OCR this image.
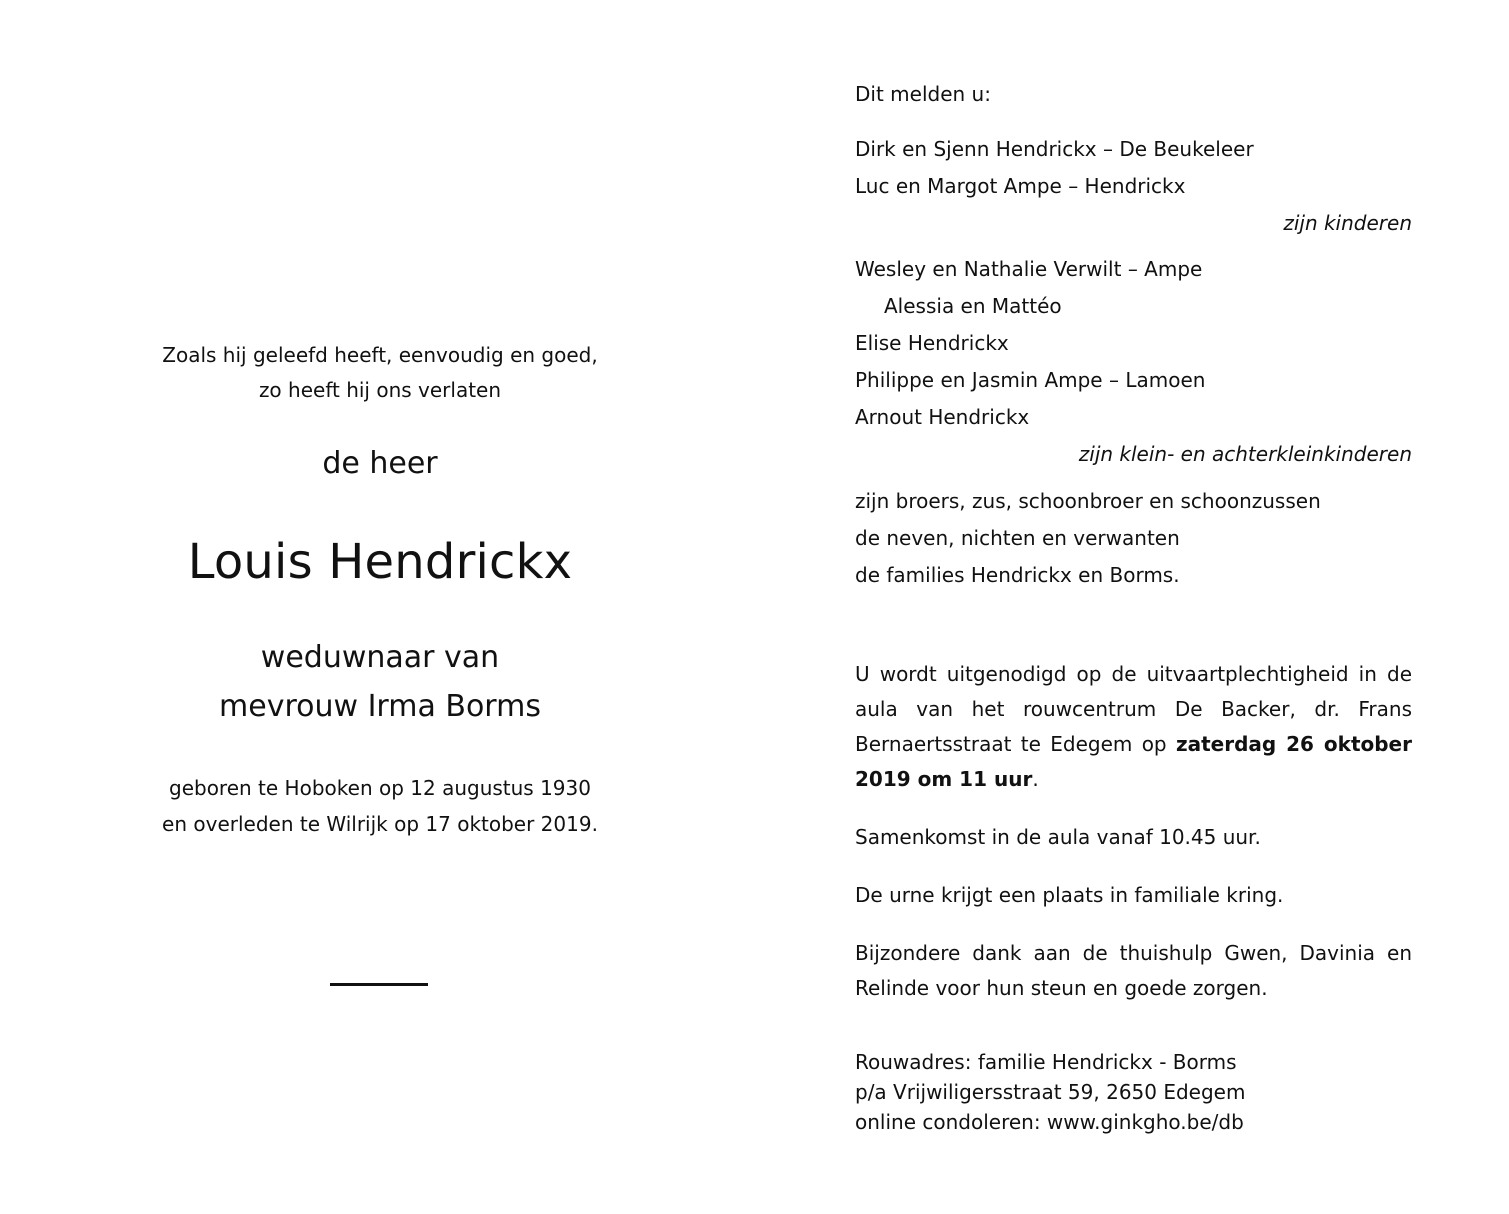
Zoals hij geleefd heeft, eenvoudig en goed,
zo heeft hij ons verlaten
de heer
Louis Hendrickx
weduwnaar van
mevrouw Irma Borms
geboren te Hoboken op 12 augustus 1930
en overleden te Wilrijk op 17 oktober 2019.
Dit melden u:
Dirk en Sjenn Hendrickx – De Beukeleer
Luc en Margot Ampe – Hendrickx
zijn kinderen
Wesley en Nathalie Verwilt – Ampe
Alessia en Mattéo
Elise Hendrickx
Philippe en Jasmin Ampe – Lamoen
Arnout Hendrickx
zijn klein- en achterkleinkinderen
zijn broers, zus, schoonbroer en schoonzussen
de neven, nichten en verwanten
de families Hendrickx en Borms.
U wordt uitgenodigd op de uitvaartplechtigheid in de aula van het rouwcentrum De Backer, dr. Frans Bernaertsstraat te Edegem op zaterdag 26 oktober 2019 om 11 uur.
Samenkomst in de aula vanaf 10.45 uur.
De urne krijgt een plaats in familiale kring.
Bijzondere dank aan de thuishulp Gwen, Davinia en Relinde voor hun steun en goede zorgen.
Rouwadres: familie Hendrickx - Borms
p/a Vrijwiligersstraat 59, 2650 Edegem
online condoleren: www.ginkgho.be/db
